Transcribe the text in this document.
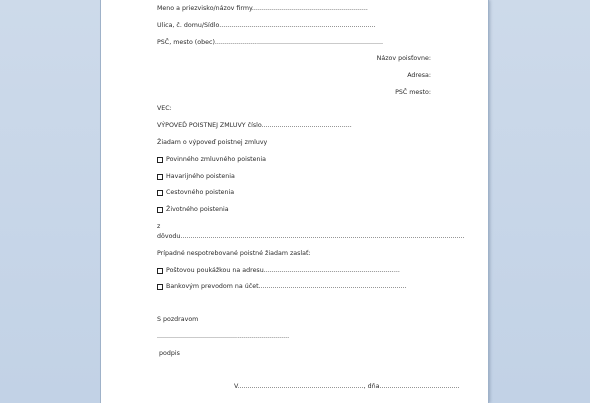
Meno a priezvisko/názov firmy..........................................................

Ulica, č. domu/Sídlo..............................................................................

PSČ, mesto (obec)....................................................................................

Názov poisťovne:

Adresa:

PSČ mesto:

VEC:

VÝPOVEĎ POISTNEJ ZMLUVY číslo.............................................

Žiadam o výpoveď poistnej zmluvy

Povinného zmluvného poistenia

Havarijného poistenia

Cestovného poistenia

Životného poistenia

z

dôvodu..............................................................................................................................................

Prípadné nespotrebované poistné žiadam zaslať:

Poštovou poukážkou na adresu....................................................................

Bankovým prevodom na účet..........................................................................

S pozdravom

..................................................................

podpis

V..............................................................., dňa........................................
